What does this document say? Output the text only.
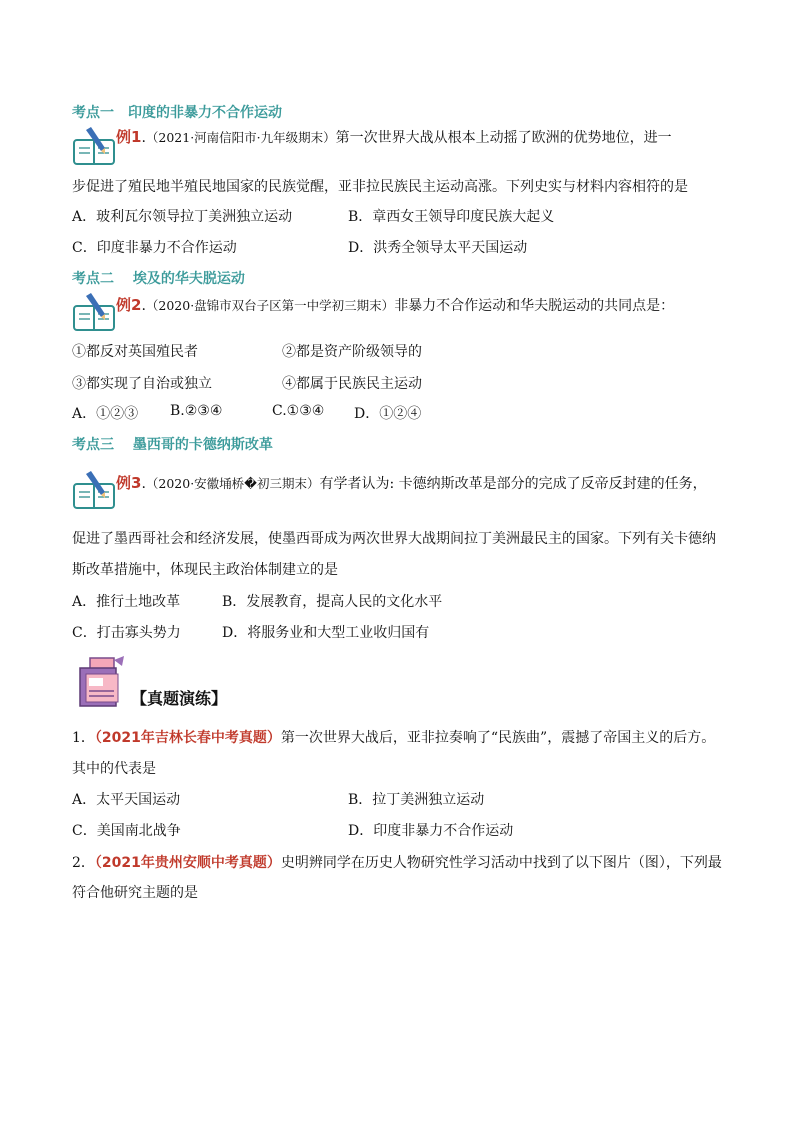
考点一　印度的非暴力不合作运动
例1.（2021·河南信阳市·九年级期末）第一次世界大战从根本上动摇了欧洲的优势地位，进一
步促进了殖民地半殖民地国家的民族觉醒，亚非拉民族民主运动高涨。下列史实与材料内容相符的是
A．玻利瓦尔领导拉丁美洲独立运动	B．章西女王领导印度民族大起义
C．印度非暴力不合作运动	D．洪秀全领导太平天国运动
考点二　 埃及的华夫脱运动
例2.（2020·盘锦市双台子区第一中学初三期末）非暴力不合作运动和华夫脱运动的共同点是：
①都反对英国殖民者	②都是资产阶级领导的
③都实现了自治或独立	④都属于民族民主运动
A．①②③ B.②③④	C.①③④ D．①②④
考点三　 墨西哥的卡德纳斯改革
例3.（2020·安徽埇桥�初三期末）有学者认为: 卡德纳斯改革是部分的完成了反帝反封建的任务，
促进了墨西哥社会和经济发展，使墨西哥成为两次世界大战期间拉丁美洲最民主的国家。下列有关卡德纳
斯改革措施中，体现民主政治体制建立的是
A．推行土地改革	B．发展教育，提高人民的文化水平
C．打击寡头势力	D．将服务业和大型工业收归国有
【真题演练】
1．（2021年吉林长春中考真题）第一次世界大战后，亚非拉奏响了“民族曲”，震撼了帝国主义的后方。
其中的代表是
A．太平天国运动	B．拉丁美洲独立运动
C．美国南北战争	D．印度非暴力不合作运动
2．（2021年贵州安顺中考真题）史明辨同学在历史人物研究性学习活动中找到了以下图片（图），下列最
符合他研究主题的是
